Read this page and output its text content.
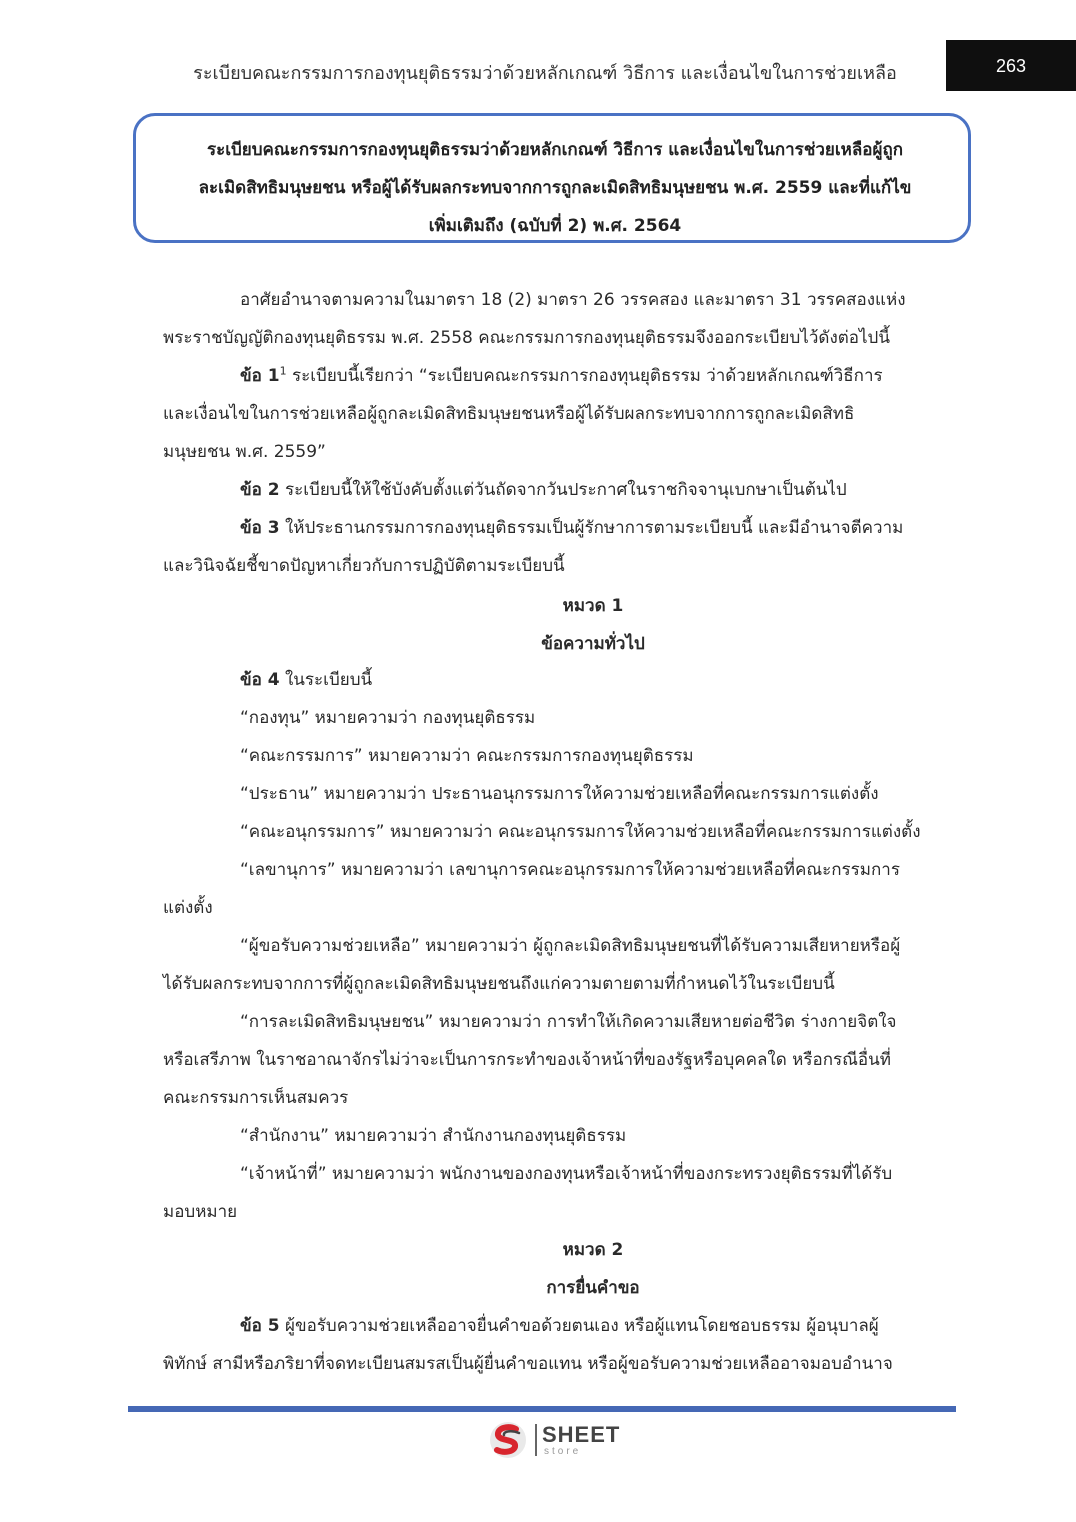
ระเบียบคณะกรรมการกองทุนยุติธรรมว่าด้วยหลักเกณฑ์ วิธีการ และเงื่อนไขในการช่วยเหลือ	263
ระเบียบคณะกรรมการกองทุนยุติธรรมว่าด้วยหลักเกณฑ์ วิธีการ และเงื่อนไขในการช่วยเหลือผู้ถูก
ละเมิดสิทธิมนุษยชน หรือผู้ได้รับผลกระทบจากการถูกละเมิดสิทธิมนุษยชน พ.ศ. 2559 และที่แก้ไข
เพิ่มเติมถึง (ฉบับที่ 2) พ.ศ. 2564
อาศัยอำนาจตามความในมาตรา 18 (2) มาตรา 26 วรรคสอง และมาตรา 31 วรรคสองแห่ง
พระราชบัญญัติกองทุนยุติธรรม พ.ศ. 2558 คณะกรรมการกองทุนยุติธรรมจึงออกระเบียบไว้ดังต่อไปนี้
ข้อ $1^1$ ระเบียบนี้เรียกว่า “ระเบียบคณะกรรมการกองทุนยุติธรรม ว่าด้วยหลักเกณฑ์วิธีการ
และเงื่อนไขในการช่วยเหลือผู้ถูกละเมิดสิทธิมนุษยชนหรือผู้ได้รับผลกระทบจากการถูกละเมิดสิทธิ
มนุษยชน พ.ศ. 2559”
ข้อ 2 ระเบียบนี้ให้ใช้บังคับตั้งแต่วันถัดจากวันประกาศในราชกิจจานุเบกษาเป็นต้นไป
ข้อ 3 ให้ประธานกรรมการกองทุนยุติธรรมเป็นผู้รักษาการตามระเบียบนี้ และมีอำนาจตีความ
และวินิจฉัยชี้ขาดปัญหาเกี่ยวกับการปฏิบัติตามระเบียบนี้
หมวด 1
ข้อความทั่วไป
ข้อ 4 ในระเบียบนี้
“กองทุน” หมายความว่า กองทุนยุติธรรม
“คณะกรรมการ” หมายความว่า คณะกรรมการกองทุนยุติธรรม
“ประธาน” หมายความว่า ประธานอนุกรรมการให้ความช่วยเหลือที่คณะกรรมการแต่งตั้ง
“คณะอนุกรรมการ” หมายความว่า คณะอนุกรรมการให้ความช่วยเหลือที่คณะกรรมการแต่งตั้ง
“เลขานุการ” หมายความว่า เลขานุการคณะอนุกรรมการให้ความช่วยเหลือที่คณะกรรมการ
แต่งตั้ง
“ผู้ขอรับความช่วยเหลือ” หมายความว่า ผู้ถูกละเมิดสิทธิมนุษยชนที่ได้รับความเสียหายหรือผู้
ได้รับผลกระทบจากการที่ผู้ถูกละเมิดสิทธิมนุษยชนถึงแก่ความตายตามที่กำหนดไว้ในระเบียบนี้
“การละเมิดสิทธิมนุษยชน” หมายความว่า การทำให้เกิดความเสียหายต่อชีวิต ร่างกายจิตใจ
หรือเสรีภาพ ในราชอาณาจักรไม่ว่าจะเป็นการกระทำของเจ้าหน้าที่ของรัฐหรือบุคคลใด หรือกรณีอื่นที่
คณะกรรมการเห็นสมควร
“สำนักงาน” หมายความว่า สำนักงานกองทุนยุติธรรม
“เจ้าหน้าที่” หมายความว่า พนักงานของกองทุนหรือเจ้าหน้าที่ของกระทรวงยุติธรรมที่ได้รับ
มอบหมาย
หมวด 2
การยื่นคำขอ
ข้อ 5 ผู้ขอรับความช่วยเหลืออาจยื่นคำขอด้วยตนเอง หรือผู้แทนโดยชอบธรรม ผู้อนุบาลผู้
พิทักษ์ สามีหรือภริยาที่จดทะเบียนสมรสเป็นผู้ยื่นคำขอแทน หรือผู้ขอรับความช่วยเหลืออาจมอบอำนาจ
SHEET
store
